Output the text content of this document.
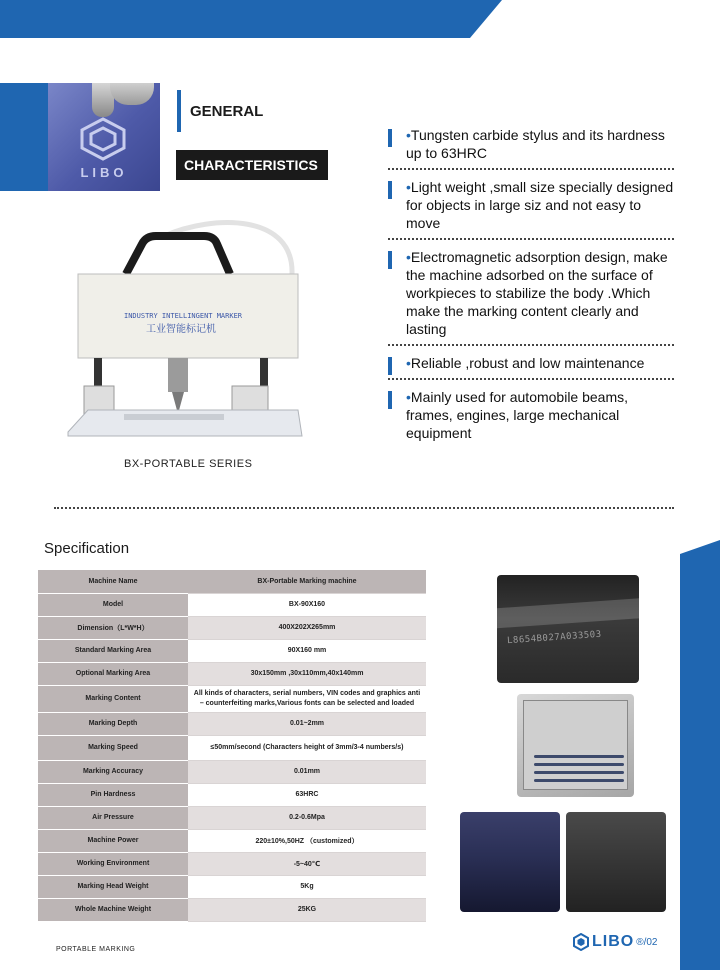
LIBO
GENERAL
CHARACTERISTICS
INDUSTRY INTELLINGENT MARKER
工业智能标记机
BX-PORTABLE SERIES
•Tungsten carbide stylus and its hardness up to 63HRC
•Light weight ,small size specially designed for objects in large siz and not easy to move
•Electromagnetic adsorption design, make the machine adsorbed on the surface of workpieces to stabilize the body .Which make the marking content clearly and lasting
•Reliable ,robust and low maintenance
•Mainly used for automobile beams, frames, engines, large mechanical equipment
Specification
Machine Name	BX-Portable Marking machine
Model	BX-90X160
Dimension（L*W*H）	400X202X265mm
Standard Marking Area	90X160 mm
Optional Marking Area	30x150mm ,30x110mm,40x140mm
Marking Content	All kinds of characters, serial numbers, VIN codes and graphics anti – counterfeiting marks,Various fonts can be selected and loaded
Marking Depth	0.01~2mm
Marking Speed	≤50mm/second (Characters height of 3mm/3-4 numbers/s)
Marking Accuracy	0.01mm
Pin Hardness	63HRC
Air Pressure	0.2-0.6Mpa
Machine Power	220±10%,50HZ （customized）
Working Environment	-5~40℃
Marking Head Weight	5Kg
Whole Machine Weight	25KG
L8654B027A033503
PORTABLE MARKING	LIBO ®/02
